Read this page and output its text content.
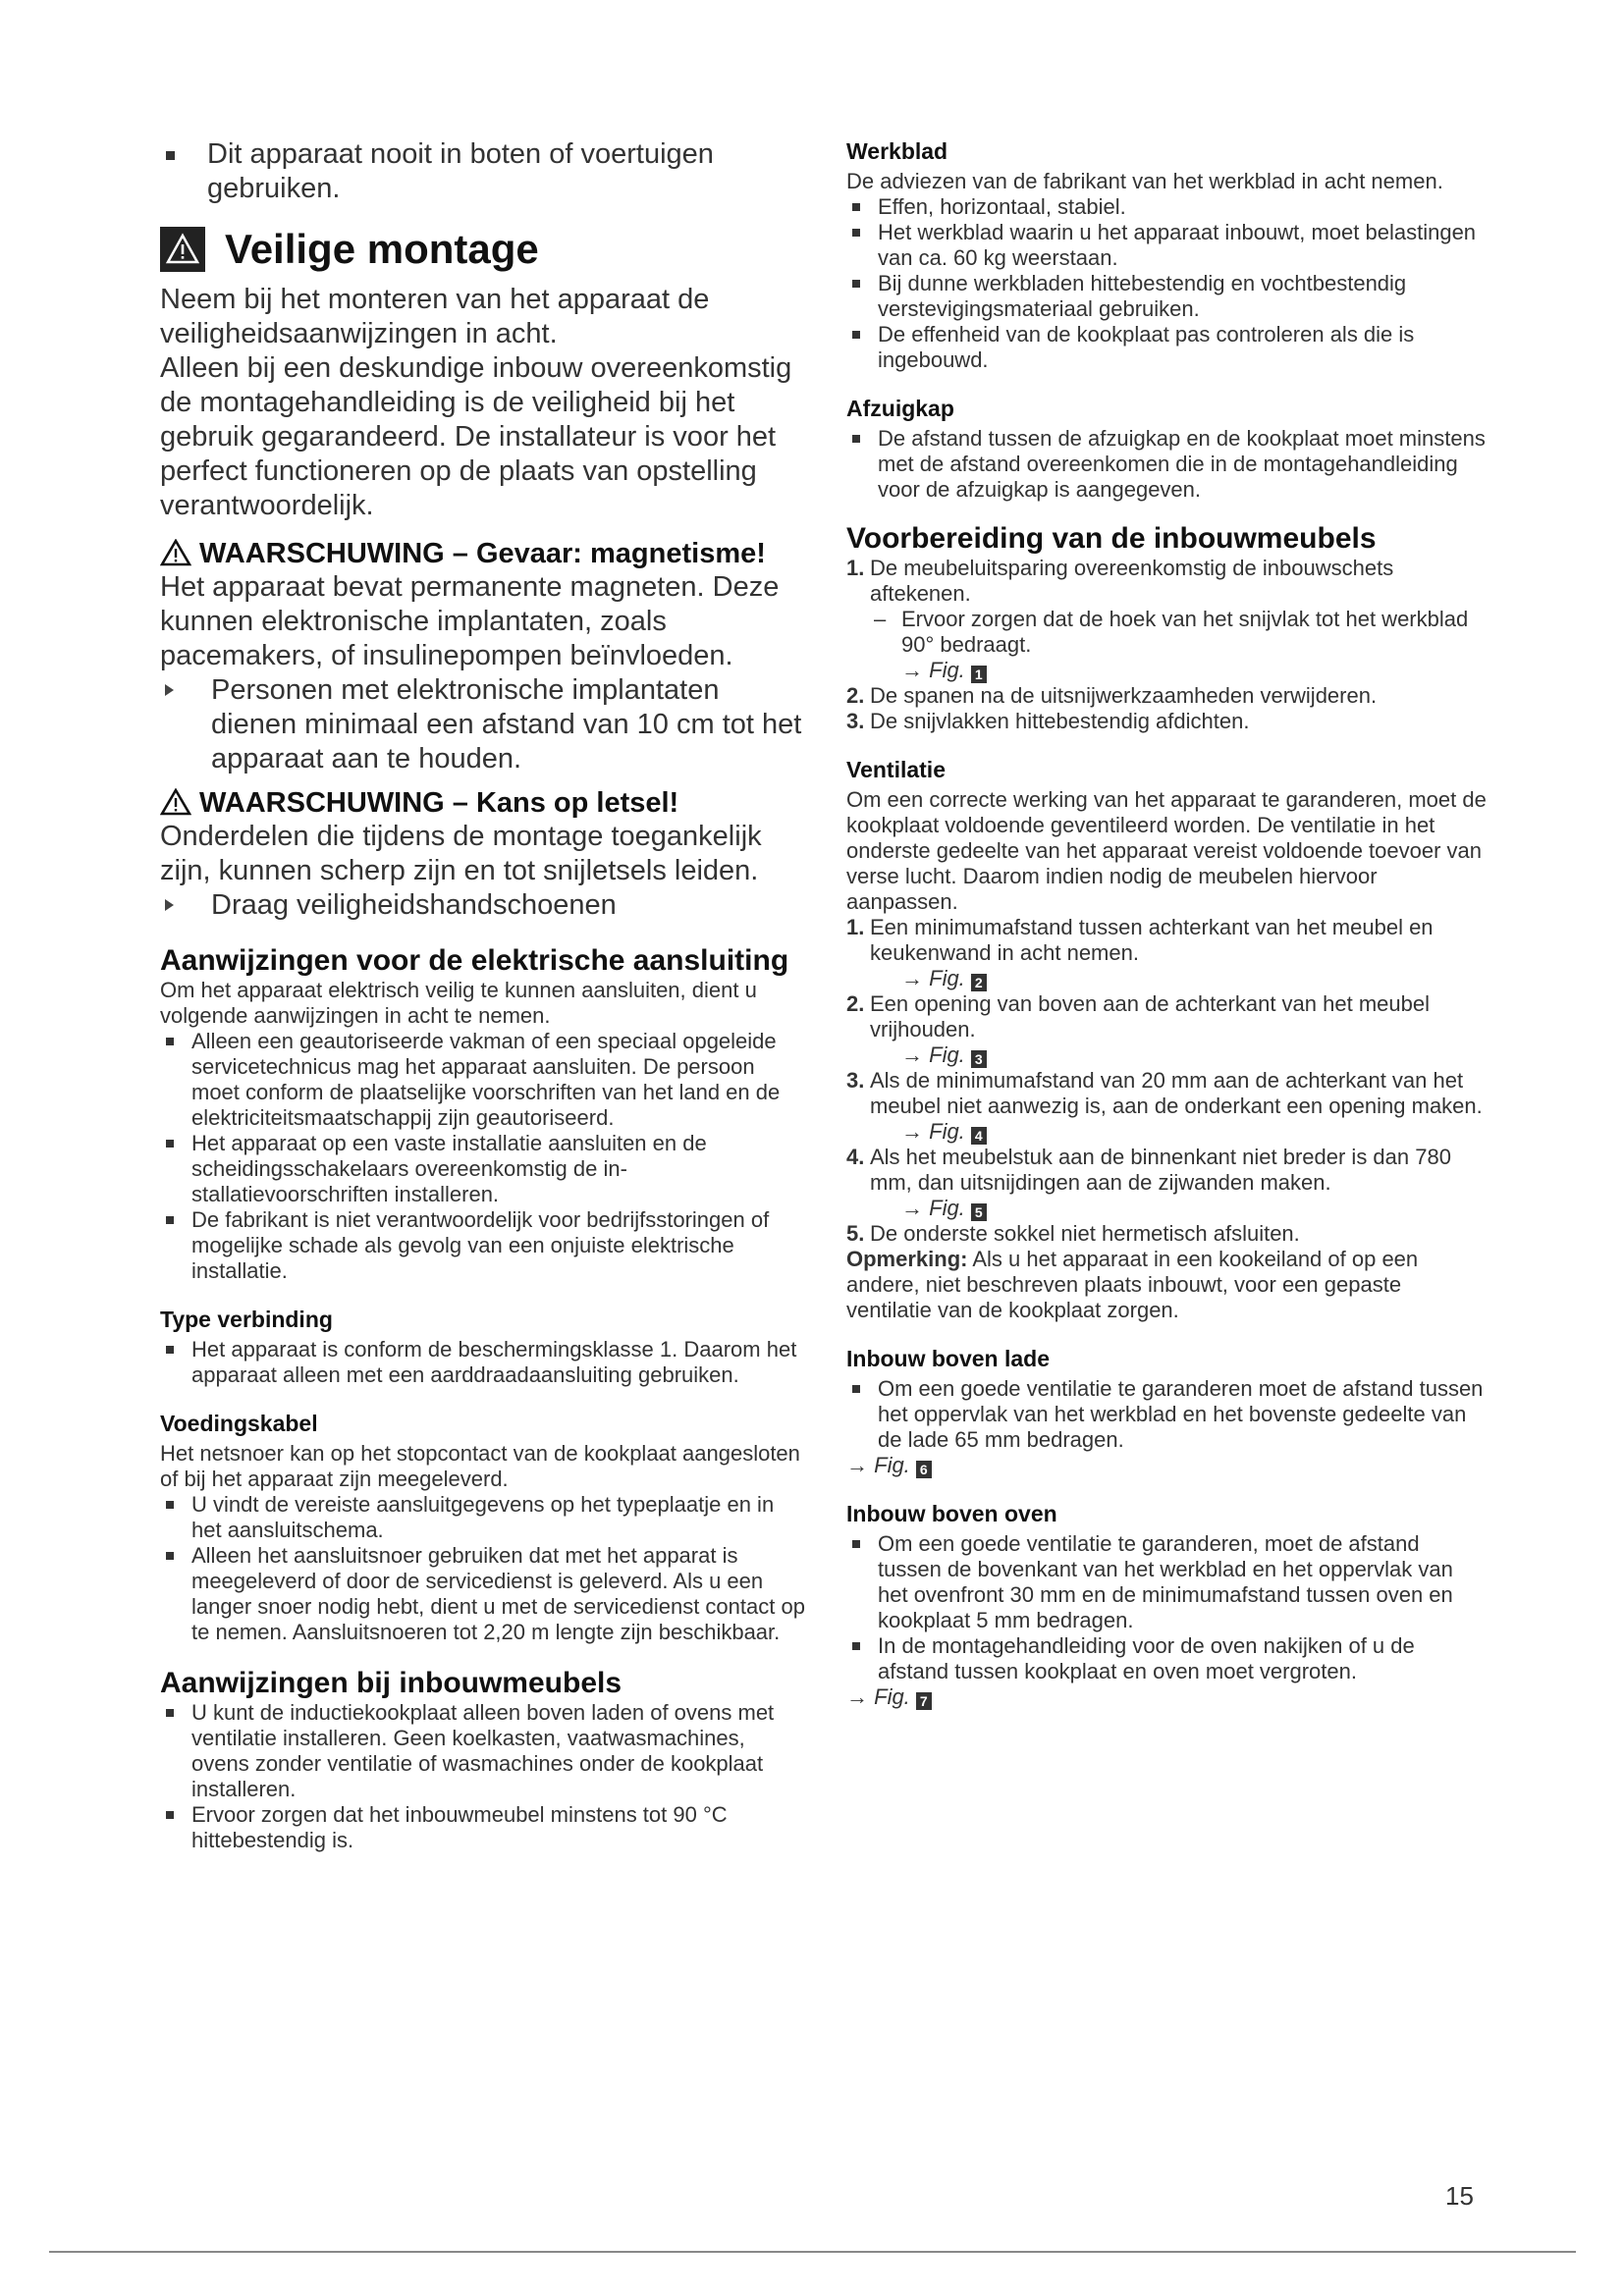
Dit apparaat nooit in boten of voertuigen gebruiken.

Veilige montage

Neem bij het monteren van het apparaat de veiligheidsaanwijzingen in acht.

Alleen bij een deskundige inbouw overeenkomstig de montagehandleiding is de veiligheid bij het gebruik gegarandeerd. De installateur is voor het perfect functioneren op de plaats van opstelling verantwoordelijk.

WAARSCHUWING – Gevaar: magnetisme!

Het apparaat bevat permanente magneten. Deze kunnen elektronische implantaten, zoals pacemakers, of insulinepompen beïnvloeden.

Personen met elektronische implantaten dienen minimaal een afstand van 10 cm tot het apparaat aan te houden.

WAARSCHUWING – Kans op letsel!

Onderdelen die tijdens de montage toegankelijk zijn, kunnen scherp zijn en tot snijletsels leiden.

Draag veiligheidshandschoenen

Aanwijzingen voor de elektrische aansluiting

Om het apparaat elektrisch veilig te kunnen aansluiten, dient u volgende aanwijzingen in acht te nemen.

Alleen een geautoriseerde vakman of een speciaal opgeleide servicetechnicus mag het apparaat aansluiten. De persoon moet conform de plaatselijke voorschriften van het land en de elektriciteitsmaatschappij zijn geautoriseerd.

Het apparaat op een vaste installatie aansluiten en de scheidingsschakelaars overeenkomstig de installatievoorschriften installeren.

De fabrikant is niet verantwoordelijk voor bedrijfsstoringen of mogelijke schade als gevolg van een onjuiste elektrische installatie.

Type verbinding

Het apparaat is conform de beschermingsklasse 1. Daarom het apparaat alleen met een aarddraadaansluiting gebruiken.

Voedingskabel

Het netsnoer kan op het stopcontact van de kookplaat aangesloten of bij het apparaat zijn meegeleverd.

U vindt de vereiste aansluitgegevens op het typeplaatje en in het aansluitschema.

Alleen het aansluitsnoer gebruiken dat met het apparat is meegeleverd of door de servicedienst is geleverd. Als u een langer snoer nodig hebt, dient u met de servicedienst contact op te nemen. Aansluitsnoeren tot 2,20 m lengte zijn beschikbaar.

Aanwijzingen bij inbouwmeubels

U kunt de inductiekookplaat alleen boven laden of ovens met ventilatie installeren. Geen koelkasten, vaatwasmachines, ovens zonder ventilatie of wasmachines onder de kookplaat installeren.

Ervoor zorgen dat het inbouwmeubel minstens tot 90 °C hittebestendig is.

Werkblad

De adviezen van de fabrikant van het werkblad in acht nemen.

Effen, horizontaal, stabiel.

Het werkblad waarin u het apparaat inbouwt, moet belastingen van ca. 60 kg weerstaan.

Bij dunne werkbladen hittebestendig en vochtbestendig verstevigingsmateriaal gebruiken.

De effenheid van de kookplaat pas controleren als die is ingebouwd.

Afzuigkap

De afstand tussen de afzuigkap en de kookplaat moet minstens met de afstand overeenkomen die in de montagehandleiding voor de afzuigkap is aangegeven.

Voorbereiding van de inbouwmeubels

1. De meubeluitsparing overeenkomstig de inbouwschets aftekenen.

– Ervoor zorgen dat de hoek van het snijvlak tot het werkblad 90° bedraagt.

→ Fig. 1

2. De spanen na de uitsnijwerkzaamheden verwijderen.

3. De snijvlakken hittebestendig afdichten.

Ventilatie

Om een correcte werking van het apparaat te garanderen, moet de kookplaat voldoende geventileerd worden. De ventilatie in het onderste gedeelte van het apparaat vereist voldoende toevoer van verse lucht. Daarom indien nodig de meubelen hiervoor aanpassen.

1. Een minimumafstand tussen achterkant van het meubel en keukenwand in acht nemen.

→ Fig. 2

2. Een opening van boven aan de achterkant van het meubel vrijhouden.

→ Fig. 3

3. Als de minimumafstand van 20 mm aan de achterkant van het meubel niet aanwezig is, aan de onderkant een opening maken.

→ Fig. 4

4. Als het meubelstuk aan de binnenkant niet breder is dan 780 mm, dan uitsnijdingen aan de zijwanden maken.

→ Fig. 5

5. De onderste sokkel niet hermetisch afsluiten.

Opmerking: Als u het apparaat in een kookeiland of op een andere, niet beschreven plaats inbouwt, voor een gepaste ventilatie van de kookplaat zorgen.

Inbouw boven lade

Om een goede ventilatie te garanderen moet de afstand tussen het oppervlak van het werkblad en het bovenste gedeelte van de lade 65 mm bedragen.

→ Fig. 6

Inbouw boven oven

Om een goede ventilatie te garanderen, moet de afstand tussen de bovenkant van het werkblad en het oppervlak van het ovenfront 30 mm en de minimumafstand tussen oven en kookplaat 5 mm bedragen.

In de montagehandleiding voor de oven nakijken of u de afstand tussen kookplaat en oven moet vergroten.

→ Fig. 7

15
